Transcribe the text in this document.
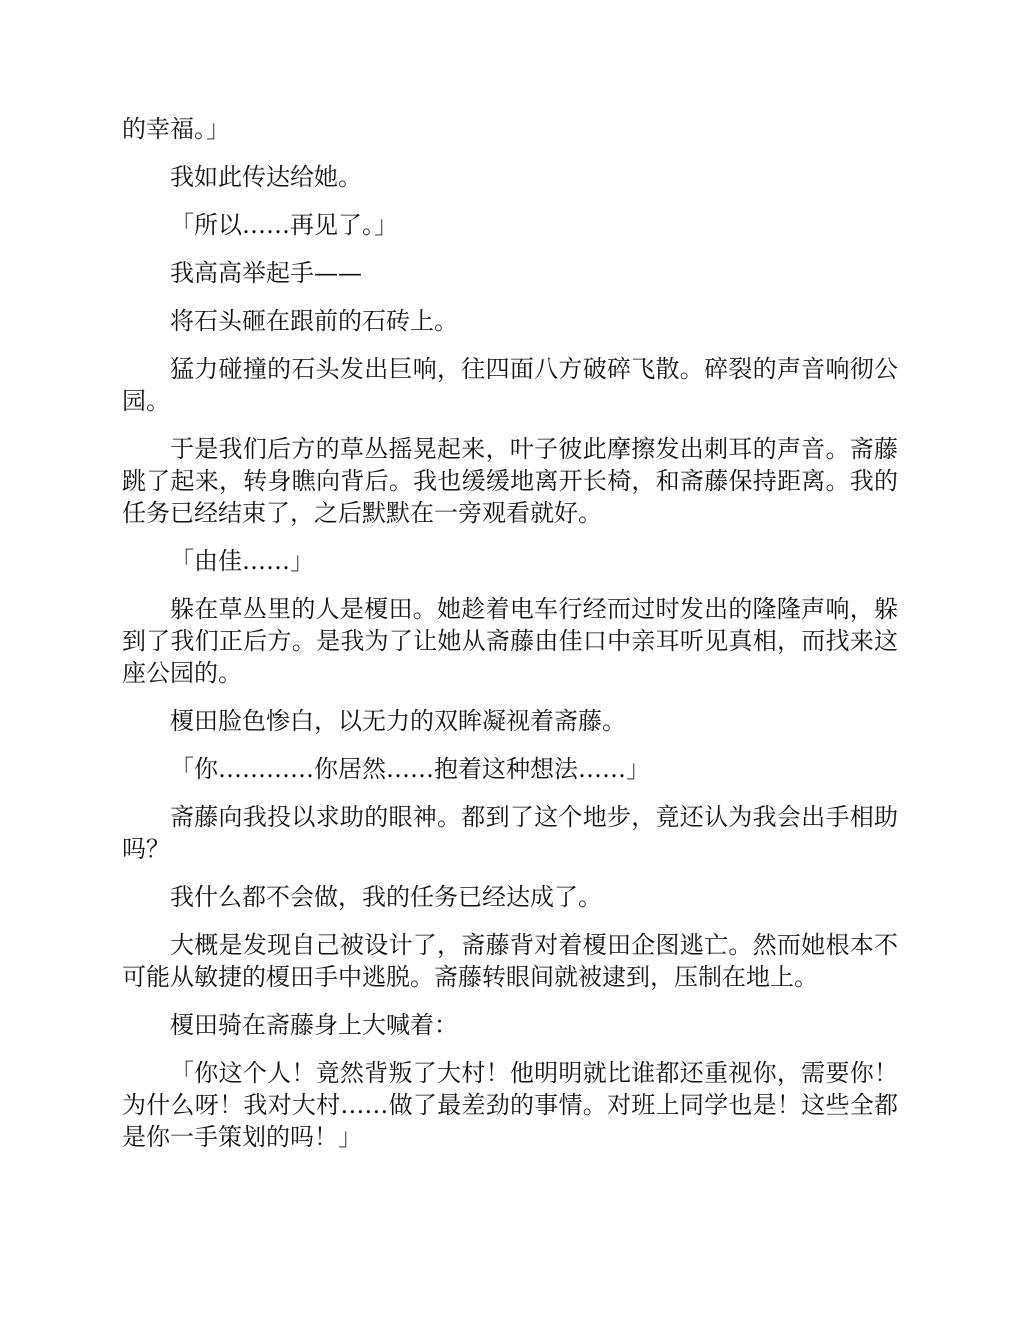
的幸福。」

我如此传达给她。

「所以……再见了。」

我高高举起手——

将石头砸在跟前的石砖上。

猛力碰撞的石头发出巨响，往四面八方破碎飞散。碎裂的声音响彻公园。

于是我们后方的草丛摇晃起来，叶子彼此摩擦发出刺耳的声音。斋藤跳了起来，转身瞧向背后。我也缓缓地离开长椅，和斋藤保持距离。我的任务已经结束了，之后默默在一旁观看就好。

「由佳……」

躲在草丛里的人是榎田。她趁着电车行经而过时发出的隆隆声响，躲到了我们正后方。是我为了让她从斋藤由佳口中亲耳听见真相，而找来这座公园的。

榎田脸色惨白，以无力的双眸凝视着斋藤。

「你…………你居然……抱着这种想法……」

斋藤向我投以求助的眼神。都到了这个地步，竟还认为我会出手相助吗？

我什么都不会做，我的任务已经达成了。

大概是发现自己被设计了，斋藤背对着榎田企图逃亡。然而她根本不可能从敏捷的榎田手中逃脱。斋藤转眼间就被逮到，压制在地上。

榎田骑在斋藤身上大喊着：

「你这个人！竟然背叛了大村！他明明就比谁都还重视你，需要你！为什么呀！我对大村……做了最差劲的事情。对班上同学也是！这些全都是你一手策划的吗！」
